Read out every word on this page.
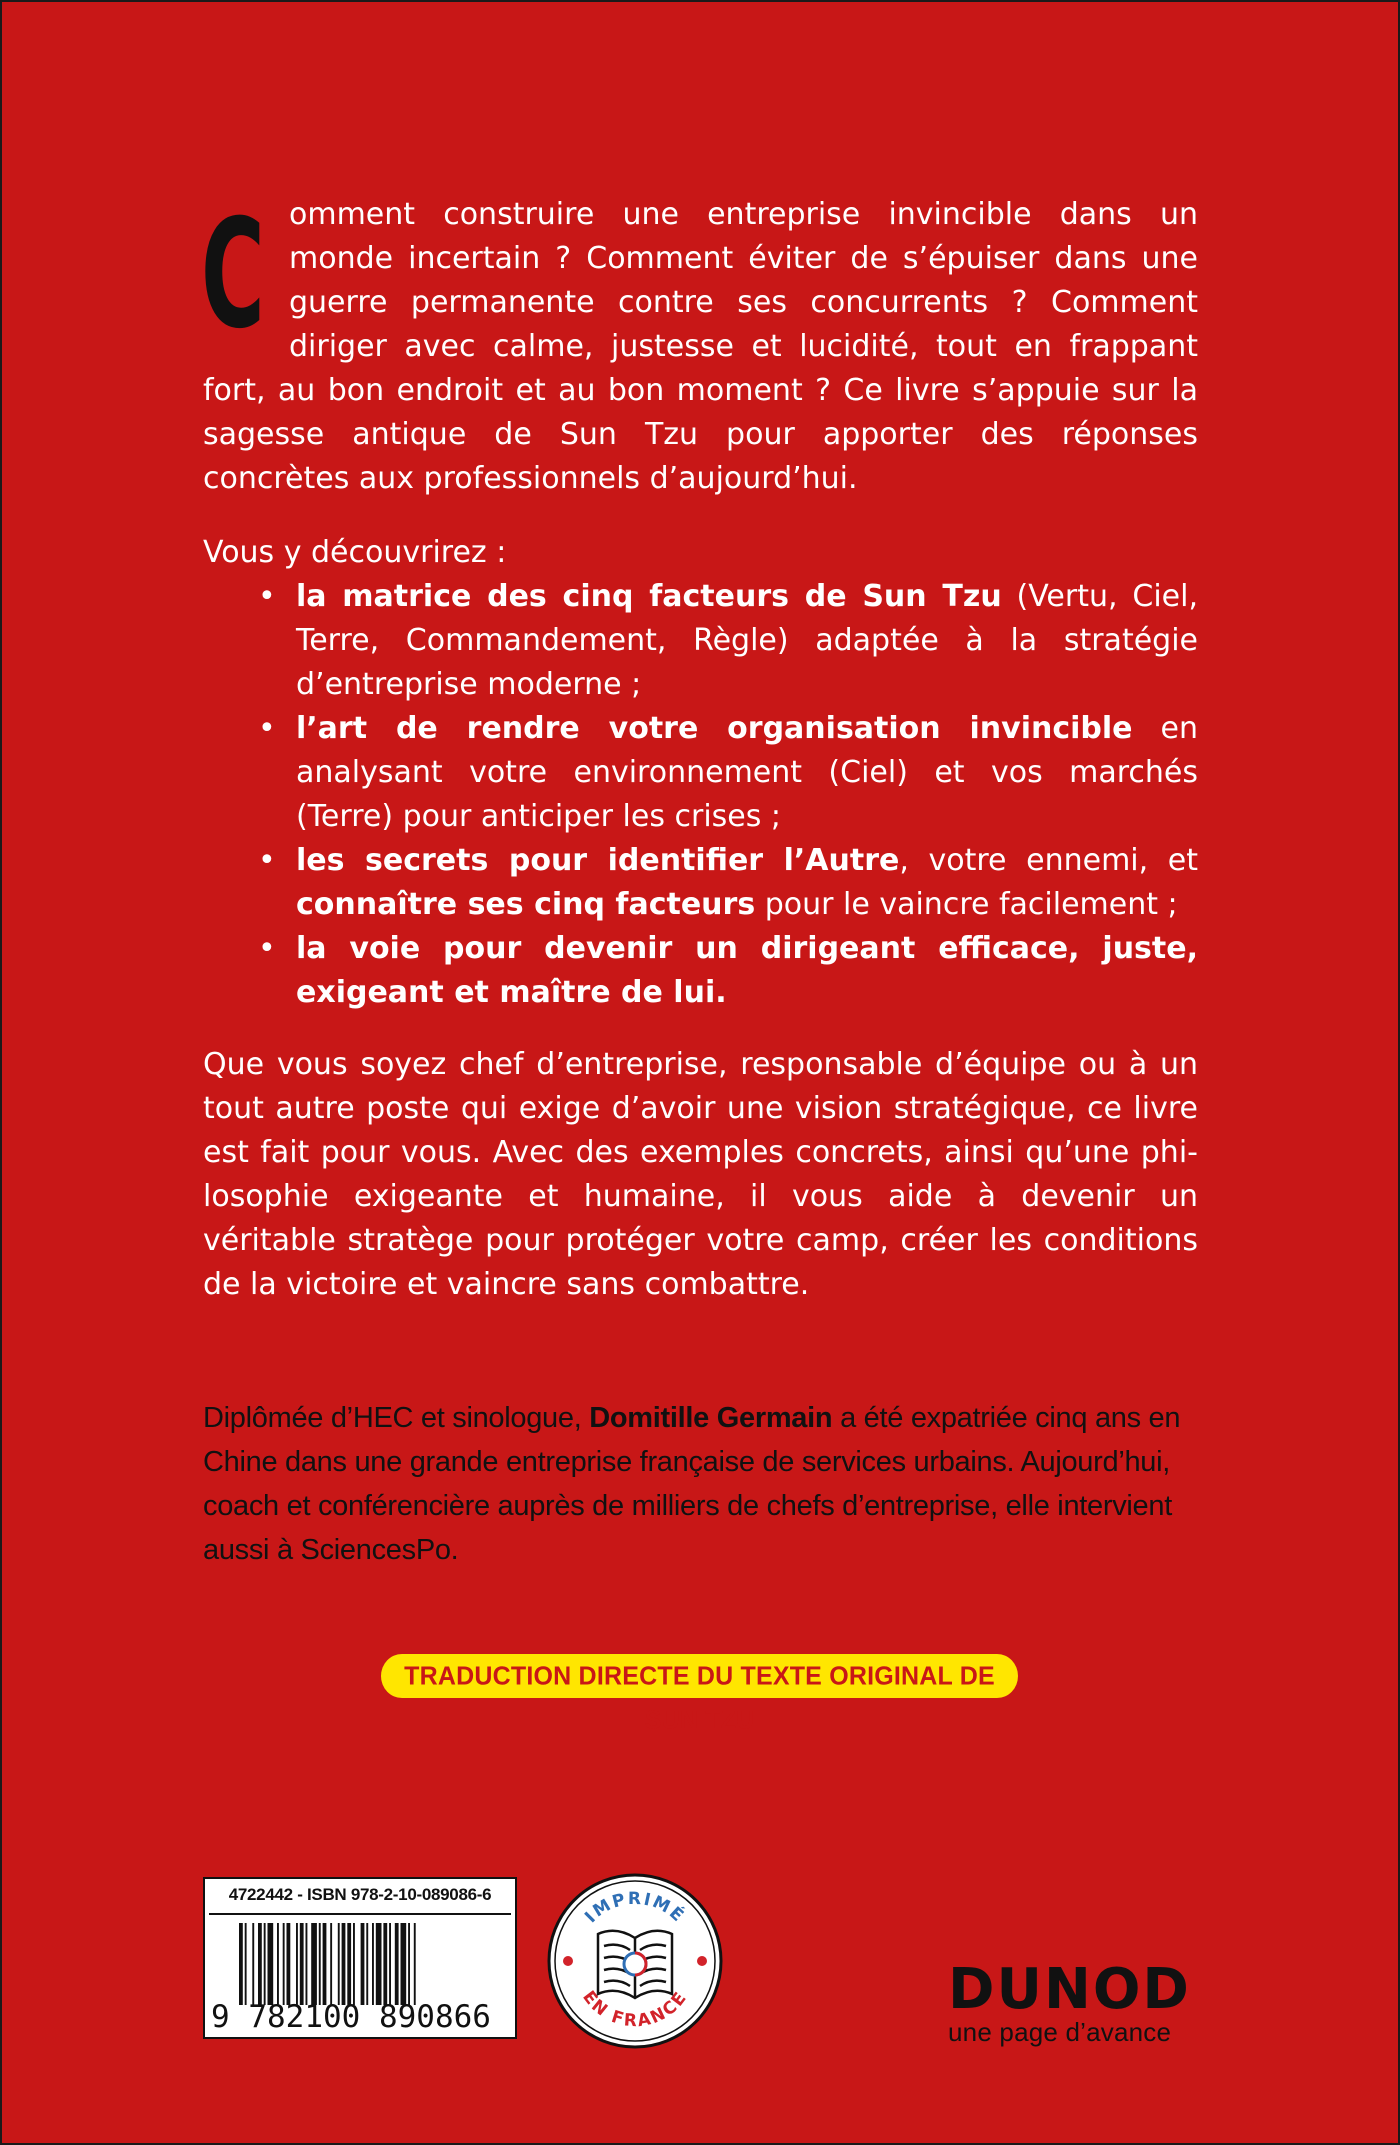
C omment construire une entreprise invincible dans un monde incertain ? Comment éviter de s’épuiser dans une guerre permanente contre ses concurrents ? Comment diriger avec calme, justesse et lucidité, tout en frappant fort, au bon endroit et au bon moment ? Ce livre s’appuie sur la sagesse antique de Sun Tzu pour apporter des réponses concrètes aux professionnels d’aujourd’hui.
Vous y découvrirez :
• la matrice des cinq facteurs de Sun Tzu (Vertu, Ciel, Terre, Commandement, Règle) adaptée à la stratégie d’entreprise moderne ;
• l’art de rendre votre organisation invincible en analysant votre environnement (Ciel) et vos marchés (Terre) pour anticiper les crises ;
• les secrets pour identifier l’Autre, votre ennemi, et connaître ses cinq facteurs pour le vaincre facilement ;
• la voie pour devenir un dirigeant efficace, juste, exigeant et maître de lui.
Que vous soyez chef d’entreprise, responsable d’équipe ou à un tout autre poste qui exige d’avoir une vision stratégique, ce livre est fait pour vous. Avec des exemples concrets, ainsi qu’une philosophie exigeante et humaine, il vous aide à devenir un véritable stratège pour protéger votre camp, créer les conditions de la victoire et vaincre sans combattre.
Diplômée d’HEC et sinologue, Domitille Germain a été expatriée cinq ans en Chine dans une grande entreprise française de services urbains. Aujourd’hui, coach et conférencière auprès de milliers de chefs d’entreprise, elle intervient aussi à SciencesPo.
TRADUCTION DIRECTE DU TEXTE ORIGINAL DE SUN TZU
4722442 - ISBN 978-2-10-089086-6
9 782100 890866
IMPRIMÉ
EN FRANCE	DUNOD
une page d’avance
